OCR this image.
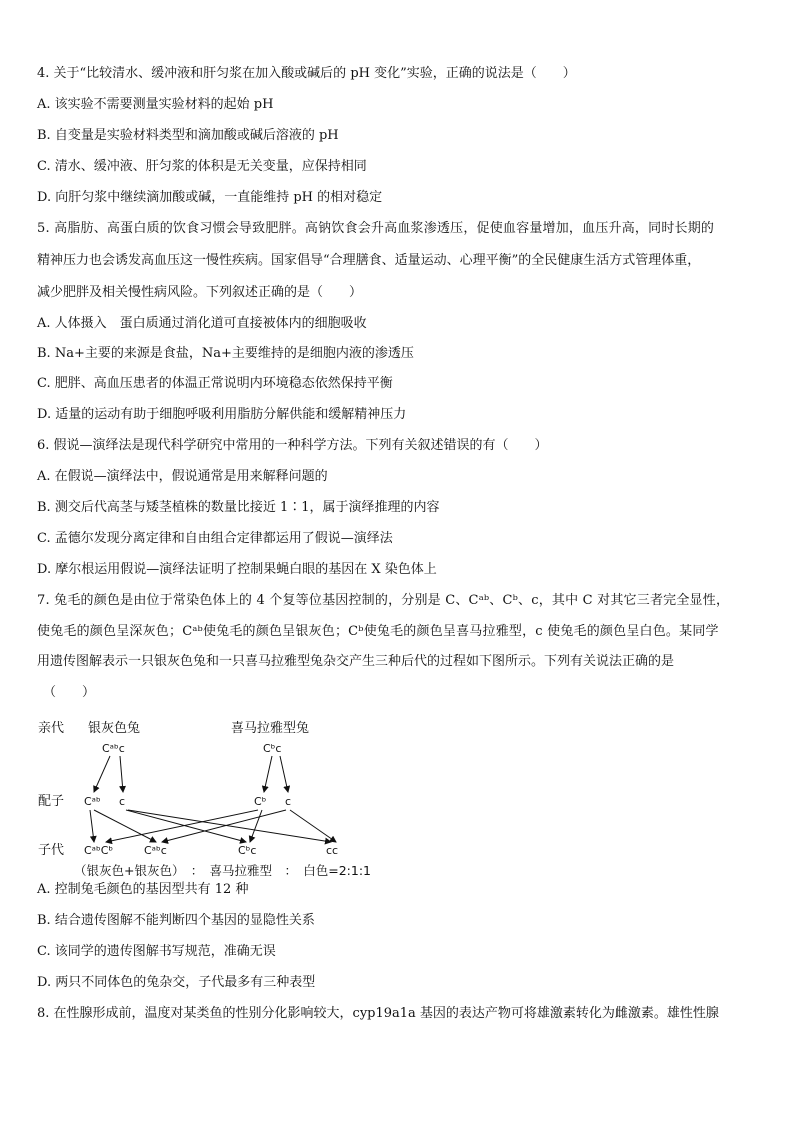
4. 关于“比较清水、缓冲液和肝匀浆在加入酸或碱后的 pH 变化”实验，正确的说法是（　　）
A. 该实验不需要测量实验材料的起始 pH
B. 自变量是实验材料类型和滴加酸或碱后溶液的 pH
C. 清水、缓冲液、肝匀浆的体积是无关变量，应保持相同
D. 向肝匀浆中继续滴加酸或碱，一直能维持 pH 的相对稳定
5. 高脂肪、高蛋白质的饮食习惯会导致肥胖。高钠饮食会升高血浆渗透压，促使血容量增加，血压升高，同时长期的
精神压力也会诱发高血压这一慢性疾病。国家倡导“合理膳食、适量运动、心理平衡”的全民健康生活方式管理体重，
减少肥胖及相关慢性病风险。下列叙述正确的是（　　）
A. 人体摄入　蛋白质通过消化道可直接被体内的细胞吸收
B. Na+主要的来源是食盐，Na+主要维持的是细胞内液的渗透压
C. 肥胖、高血压患者的体温正常说明内环境稳态依然保持平衡
D. 适量的运动有助于细胞呼吸利用脂肪分解供能和缓解精神压力
6. 假说—演绎法是现代科学研究中常用的一种科学方法。下列有关叙述错误的有（　　）
A. 在假说—演绎法中，假说通常是用来解释问题的
B. 测交后代高茎与矮茎植株的数量比接近 1∶1，属于演绎推理的内容
C. 孟德尔发现分离定律和自由组合定律都运用了假说—演绎法
D. 摩尔根运用假说—演绎法证明了控制果蝇白眼的基因在 X 染色体上
7. 兔毛的颜色是由位于常染色体上的 4 个复等位基因控制的，分别是 C、Cᵃᵇ、Cᵇ、c，其中 C 对其它三者完全显性，
使兔毛的颜色呈深灰色；Cᵃᵇ使兔毛的颜色呈银灰色；Cᵇ使兔毛的颜色呈喜马拉雅型，c 使兔毛的颜色呈白色。某同学
用遗传图解表示一只银灰色兔和一只喜马拉雅型兔杂交产生三种后代的过程如下图所示。下列有关说法正确的是
（　　）
亲代
配子
子代
银灰色兔	喜马拉雅型兔
Cᵃᵇc	Cᵇc
Cᵃᵇ c	Cᵇ c
CᵃᵇCᵇ	Cᵃᵇc	Cᵇc	cc
（银灰色+银灰色）　：　喜马拉雅型　：　白色=2:1:1
A. 控制兔毛颜色的基因型共有 12 种
B. 结合遗传图解不能判断四个基因的显隐性关系
C. 该同学的遗传图解书写规范，准确无误
D. 两只不同体色的兔杂交，子代最多有三种表型
8. 在性腺形成前，温度对某类鱼的性别分化影响较大，cyp19a1a 基因的表达产物可将雄激素转化为雌激素。雄性性腺
